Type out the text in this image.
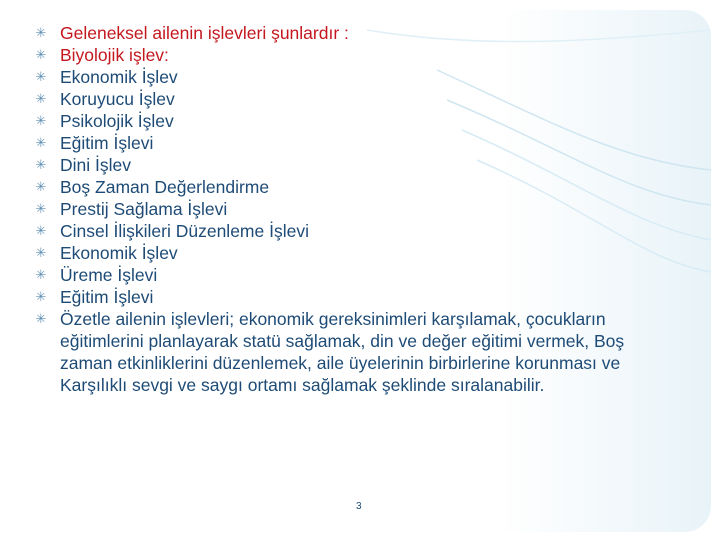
✳ Geleneksel ailenin işlevleri şunlardır :
✳ Biyolojik işlev:
✳ Ekonomik İşlev
✳ Koruyucu İşlev
✳ Psikolojik İşlev
✳ Eğitim İşlevi
✳ Dini İşlev
✳ Boş Zaman Değerlendirme
✳ Prestij Sağlama İşlevi
✳ Cinsel İlişkileri Düzenleme İşlevi
✳ Ekonomik İşlev
✳ Üreme İşlevi
✳ Eğitim İşlevi
✳ Özetle ailenin işlevleri; ekonomik gereksinimleri karşılamak, çocukların eğitimlerini planlayarak statü sağlamak, din ve değer eğitimi vermek, Boş zaman etkinliklerini düzenlemek, aile üyelerinin birbirlerine korunması ve Karşılıklı sevgi ve saygı ortamı sağlamak şeklinde sıralanabilir.
3
